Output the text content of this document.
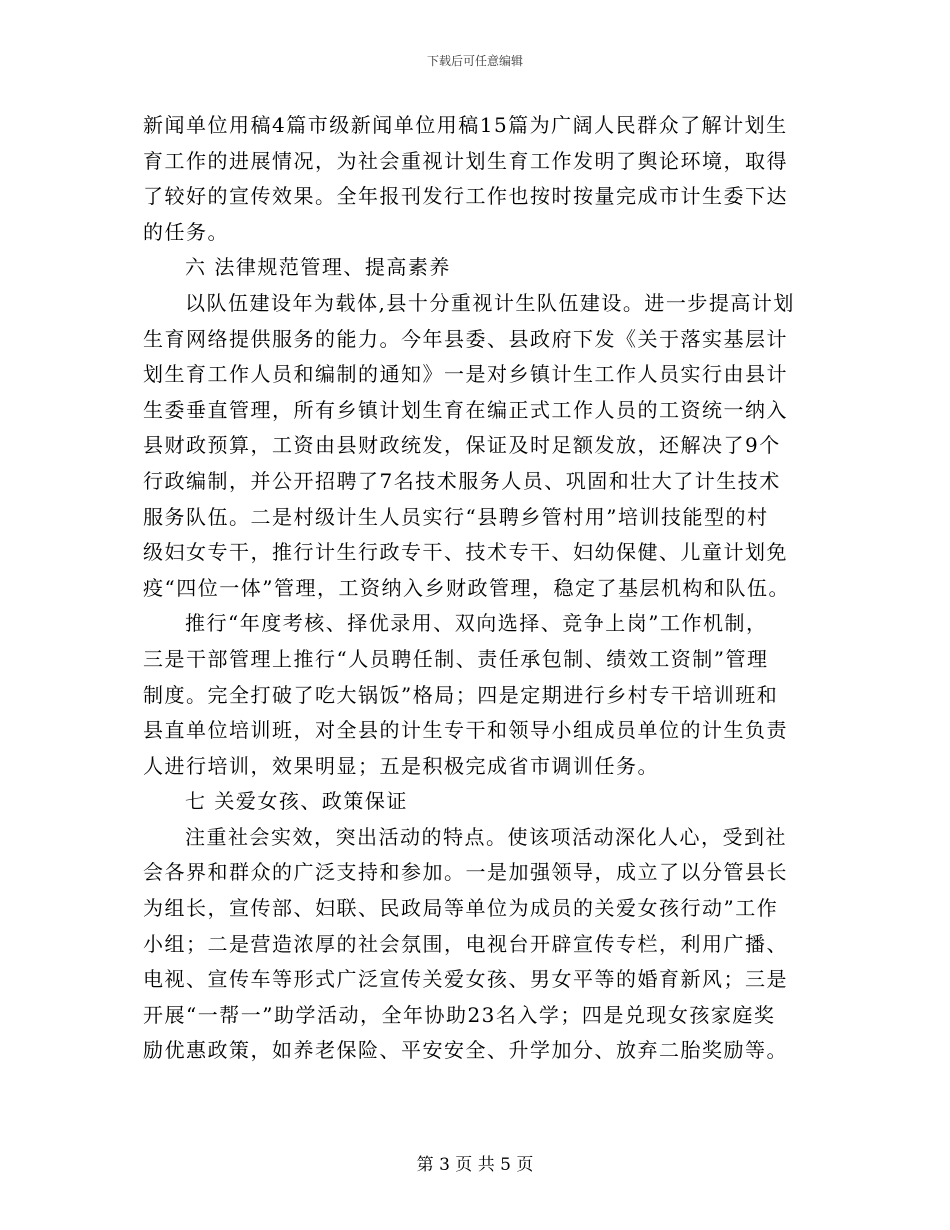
下载后可任意编辑
新闻单位用稿4篇市级新闻单位用稿15篇为广阔人民群众了解计划生
育工作的进展情况，为社会重视计划生育工作发明了舆论环境，取得
了较好的宣传效果。全年报刊发行工作也按时按量完成市计生委下达
的任务。
六 法律规范管理、提高素养
以队伍建设年为载体,县十分重视计生队伍建设。进一步提高计划
生育网络提供服务的能力。今年县委、县政府下发《关于落实基层计
划生育工作人员和编制的通知》一是对乡镇计生工作人员实行由县计
生委垂直管理，所有乡镇计划生育在编正式工作人员的工资统一纳入
县财政预算，工资由县财政统发，保证及时足额发放，还解决了9个
行政编制，并公开招聘了7名技术服务人员、巩固和壮大了计生技术
服务队伍。二是村级计生人员实行“县聘乡管村用”培训技能型的村
级妇女专干，推行计生行政专干、技术专干、妇幼保健、儿童计划免
疫“四位一体”管理，工资纳入乡财政管理，稳定了基层机构和队伍。
推行“年度考核、择优录用、双向选择、竞争上岗”工作机制，
三是干部管理上推行“人员聘任制、责任承包制、绩效工资制”管理
制度。完全打破了吃大锅饭”格局；四是定期进行乡村专干培训班和
县直单位培训班，对全县的计生专干和领导小组成员单位的计生负责
人进行培训，效果明显；五是积极完成省市调训任务。
七 关爱女孩、政策保证
注重社会实效，突出活动的特点。使该项活动深化人心，受到社
会各界和群众的广泛支持和参加。一是加强领导，成立了以分管县长
为组长，宣传部、妇联、民政局等单位为成员的关爱女孩行动”工作
小组；二是营造浓厚的社会氛围，电视台开辟宣传专栏，利用广播、
电视、宣传车等形式广泛宣传关爱女孩、男女平等的婚育新风；三是
开展“一帮一”助学活动，全年协助23名入学；四是兑现女孩家庭奖
励优惠政策，如养老保险、平安安全、升学加分、放弃二胎奖励等。
第 3 页 共 5 页
